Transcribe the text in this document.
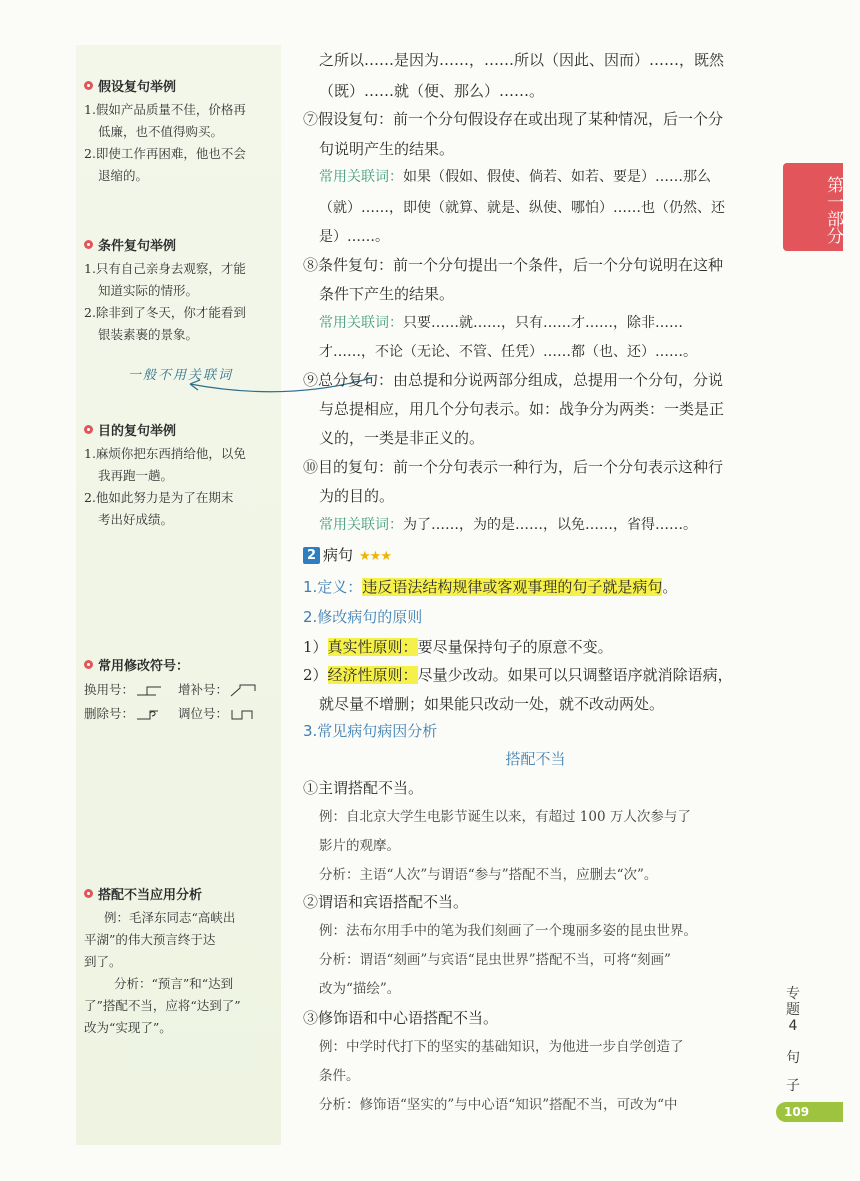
假设复句举例
1.假如产品质量不佳，价格再
低廉，也不值得购买。
2.即使工作再困难，他也不会
退缩的。
条件复句举例
1.只有自己亲身去观察，才能
知道实际的情形。
2.除非到了冬天，你才能看到
银装素裹的景象。
一般不用关联词
目的复句举例
1.麻烦你把东西捎给他，以免
我再跑一趟。
2.他如此努力是为了在期末
考出好成绩。
常用修改符号：
换用号：	增补号：
删除号：	调位号：
搭配不当应用分析
例：毛泽东同志“高峡出
平湖”的伟大预言终于达
到了。
分析：“预言”和“达到
了”搭配不当，应将“达到了”
改为“实现了”。
之所以……是因为……，……所以（因此、因而）……，既然
（既）……就（便、那么）……。
⑦假设复句：前一个分句假设存在或出现了某种情况，后一个分
句说明产生的结果。
常用关联词：如果（假如、假使、倘若、如若、要是）……那么
（就）……，即使（就算、就是、纵使、哪怕）……也（仍然、还
是）……。
⑧条件复句：前一个分句提出一个条件，后一个分句说明在这种
条件下产生的结果。
常用关联词：只要……就……，只有……才……，除非……
才……，不论（无论、不管、任凭）……都（也、还）……。
⑨总分复句：由总提和分说两部分组成，总提用一个分句，分说
与总提相应，用几个分句表示。如：战争分为两类：一类是正
义的，一类是非正义的。
⑩目的复句：前一个分句表示一种行为，后一个分句表示这种行
为的目的。
常用关联词：为了……，为的是……，以免……，省得……。
2 病句 ★★★
1.定义：违反语法结构规律或客观事理的句子就是病句。
2.修改病句的原则
1）真实性原则：要尽量保持句子的原意不变。
2）经济性原则：尽量少改动。如果可以只调整语序就消除语病，
就尽量不增删；如果能只改动一处，就不改动两处。
3.常见病句病因分析
搭配不当
①主谓搭配不当。
例：自北京大学生电影节诞生以来，有超过 100 万人次参与了
影片的观摩。
分析：主语“人次”与谓语“参与”搭配不当，应删去“次”。
②谓语和宾语搭配不当。
例：法布尔用手中的笔为我们刻画了一个瑰丽多姿的昆虫世界。
分析：谓语“刻画”与宾语“昆虫世界”搭配不当，可将“刻画”
改为“描绘”。
③修饰语和中心语搭配不当。
例：中学时代打下的坚实的基础知识，为他进一步自学创造了
条件。
分析：修饰语“坚实的”与中心语“知识”搭配不当，可改为“中
第一部分
专题4
句子
109
